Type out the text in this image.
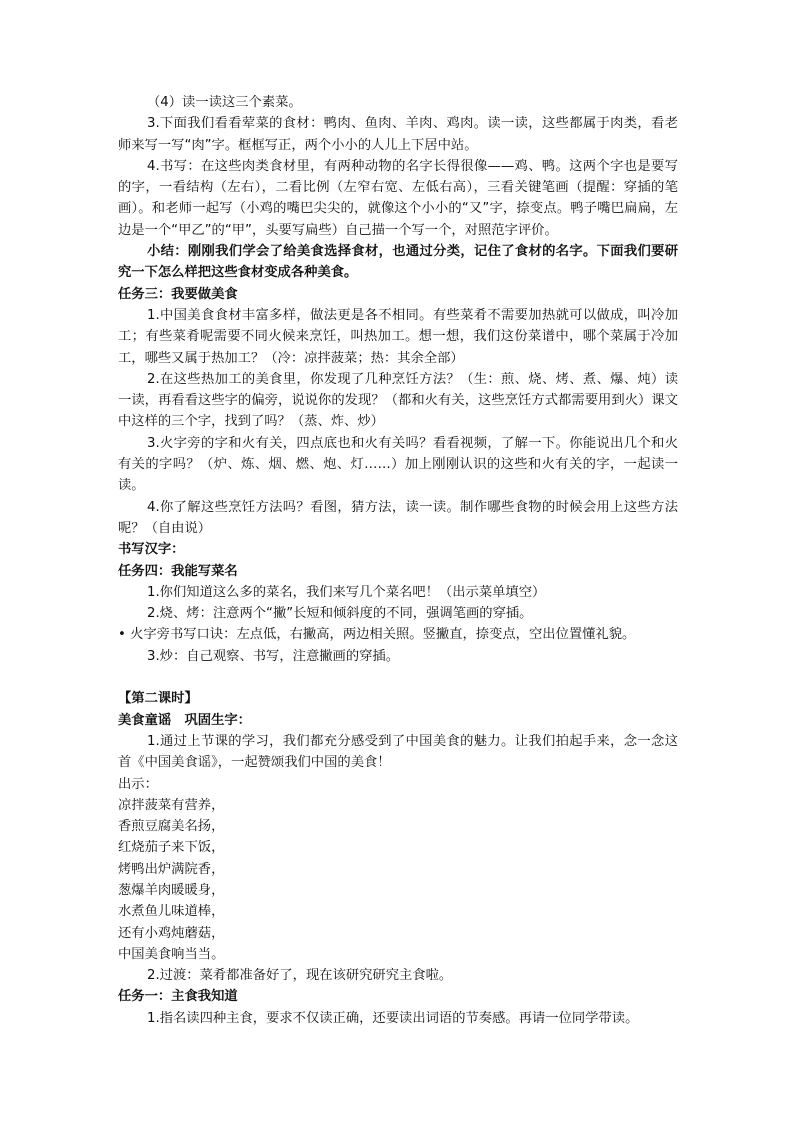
（4）读一读这三个素菜。

3.下面我们看看荤菜的食材：鸭肉、鱼肉、羊肉、鸡肉。读一读，这些都属于肉类，看老师来写一写“肉”字。框框写正，两个小小的人儿上下居中站。

4.书写：在这些肉类食材里，有两种动物的名字长得很像——鸡、鸭。这两个字也是要写的字，一看结构（左右），二看比例（左窄右宽、左低右高），三看关键笔画（提醒：穿插的笔画）。和老师一起写（小鸡的嘴巴尖尖的，就像这个小小的“又”字，捺变点。鸭子嘴巴扁扁，左边是一个“甲乙”的“甲”，头要写扁些）自己描一个写一个，对照范字评价。

小结：刚刚我们学会了给美食选择食材，也通过分类，记住了食材的名字。下面我们要研究一下怎么样把这些食材变成各种美食。

任务三：我要做美食

1.中国美食食材丰富多样，做法更是各不相同。有些菜肴不需要加热就可以做成，叫冷加工；有些菜肴呢需要不同火候来烹饪，叫热加工。想一想，我们这份菜谱中，哪个菜属于冷加工，哪些又属于热加工？（冷：凉拌菠菜；热：其余全部）

2.在这些热加工的美食里，你发现了几种烹饪方法？（生：煎、烧、烤、煮、爆、炖）读一读，再看看这些字的偏旁，说说你的发现？（都和火有关，这些烹饪方式都需要用到火）课文中这样的三个字，找到了吗？（蒸、炸、炒）

3.火字旁的字和火有关，四点底也和火有关吗？看看视频，了解一下。你能说出几个和火有关的字吗？（炉、炼、烟、燃、炮、灯……）加上刚刚认识的这些和火有关的字，一起读一读。

4.你了解这些烹饪方法吗？看图，猜方法，读一读。制作哪些食物的时候会用上这些方法呢？（自由说）

书写汉字：

任务四：我能写菜名

1.你们知道这么多的菜名，我们来写几个菜名吧！（出示菜单填空）

2.烧、烤：注意两个“撇”长短和倾斜度的不同，强调笔画的穿插。

• 火字旁书写口诀：左点低，右撇高，两边相关照。竖撇直，捺变点，空出位置懂礼貌。

3.炒：自己观察、书写，注意撇画的穿插。

【第二课时】

美食童谣　巩固生字：

1.通过上节课的学习，我们都充分感受到了中国美食的魅力。让我们拍起手来，念一念这首《中国美食谣》，一起赞颂我们中国的美食！

出示：

凉拌菠菜有营养，

香煎豆腐美名扬，

红烧茄子来下饭，

烤鸭出炉满院香，

葱爆羊肉暖暖身，

水煮鱼儿味道棒，

还有小鸡炖蘑菇，

中国美食响当当。

2.过渡：菜肴都准备好了，现在该研究研究主食啦。

任务一：主食我知道

1.指名读四种主食，要求不仅读正确，还要读出词语的节奏感。再请一位同学带读。
